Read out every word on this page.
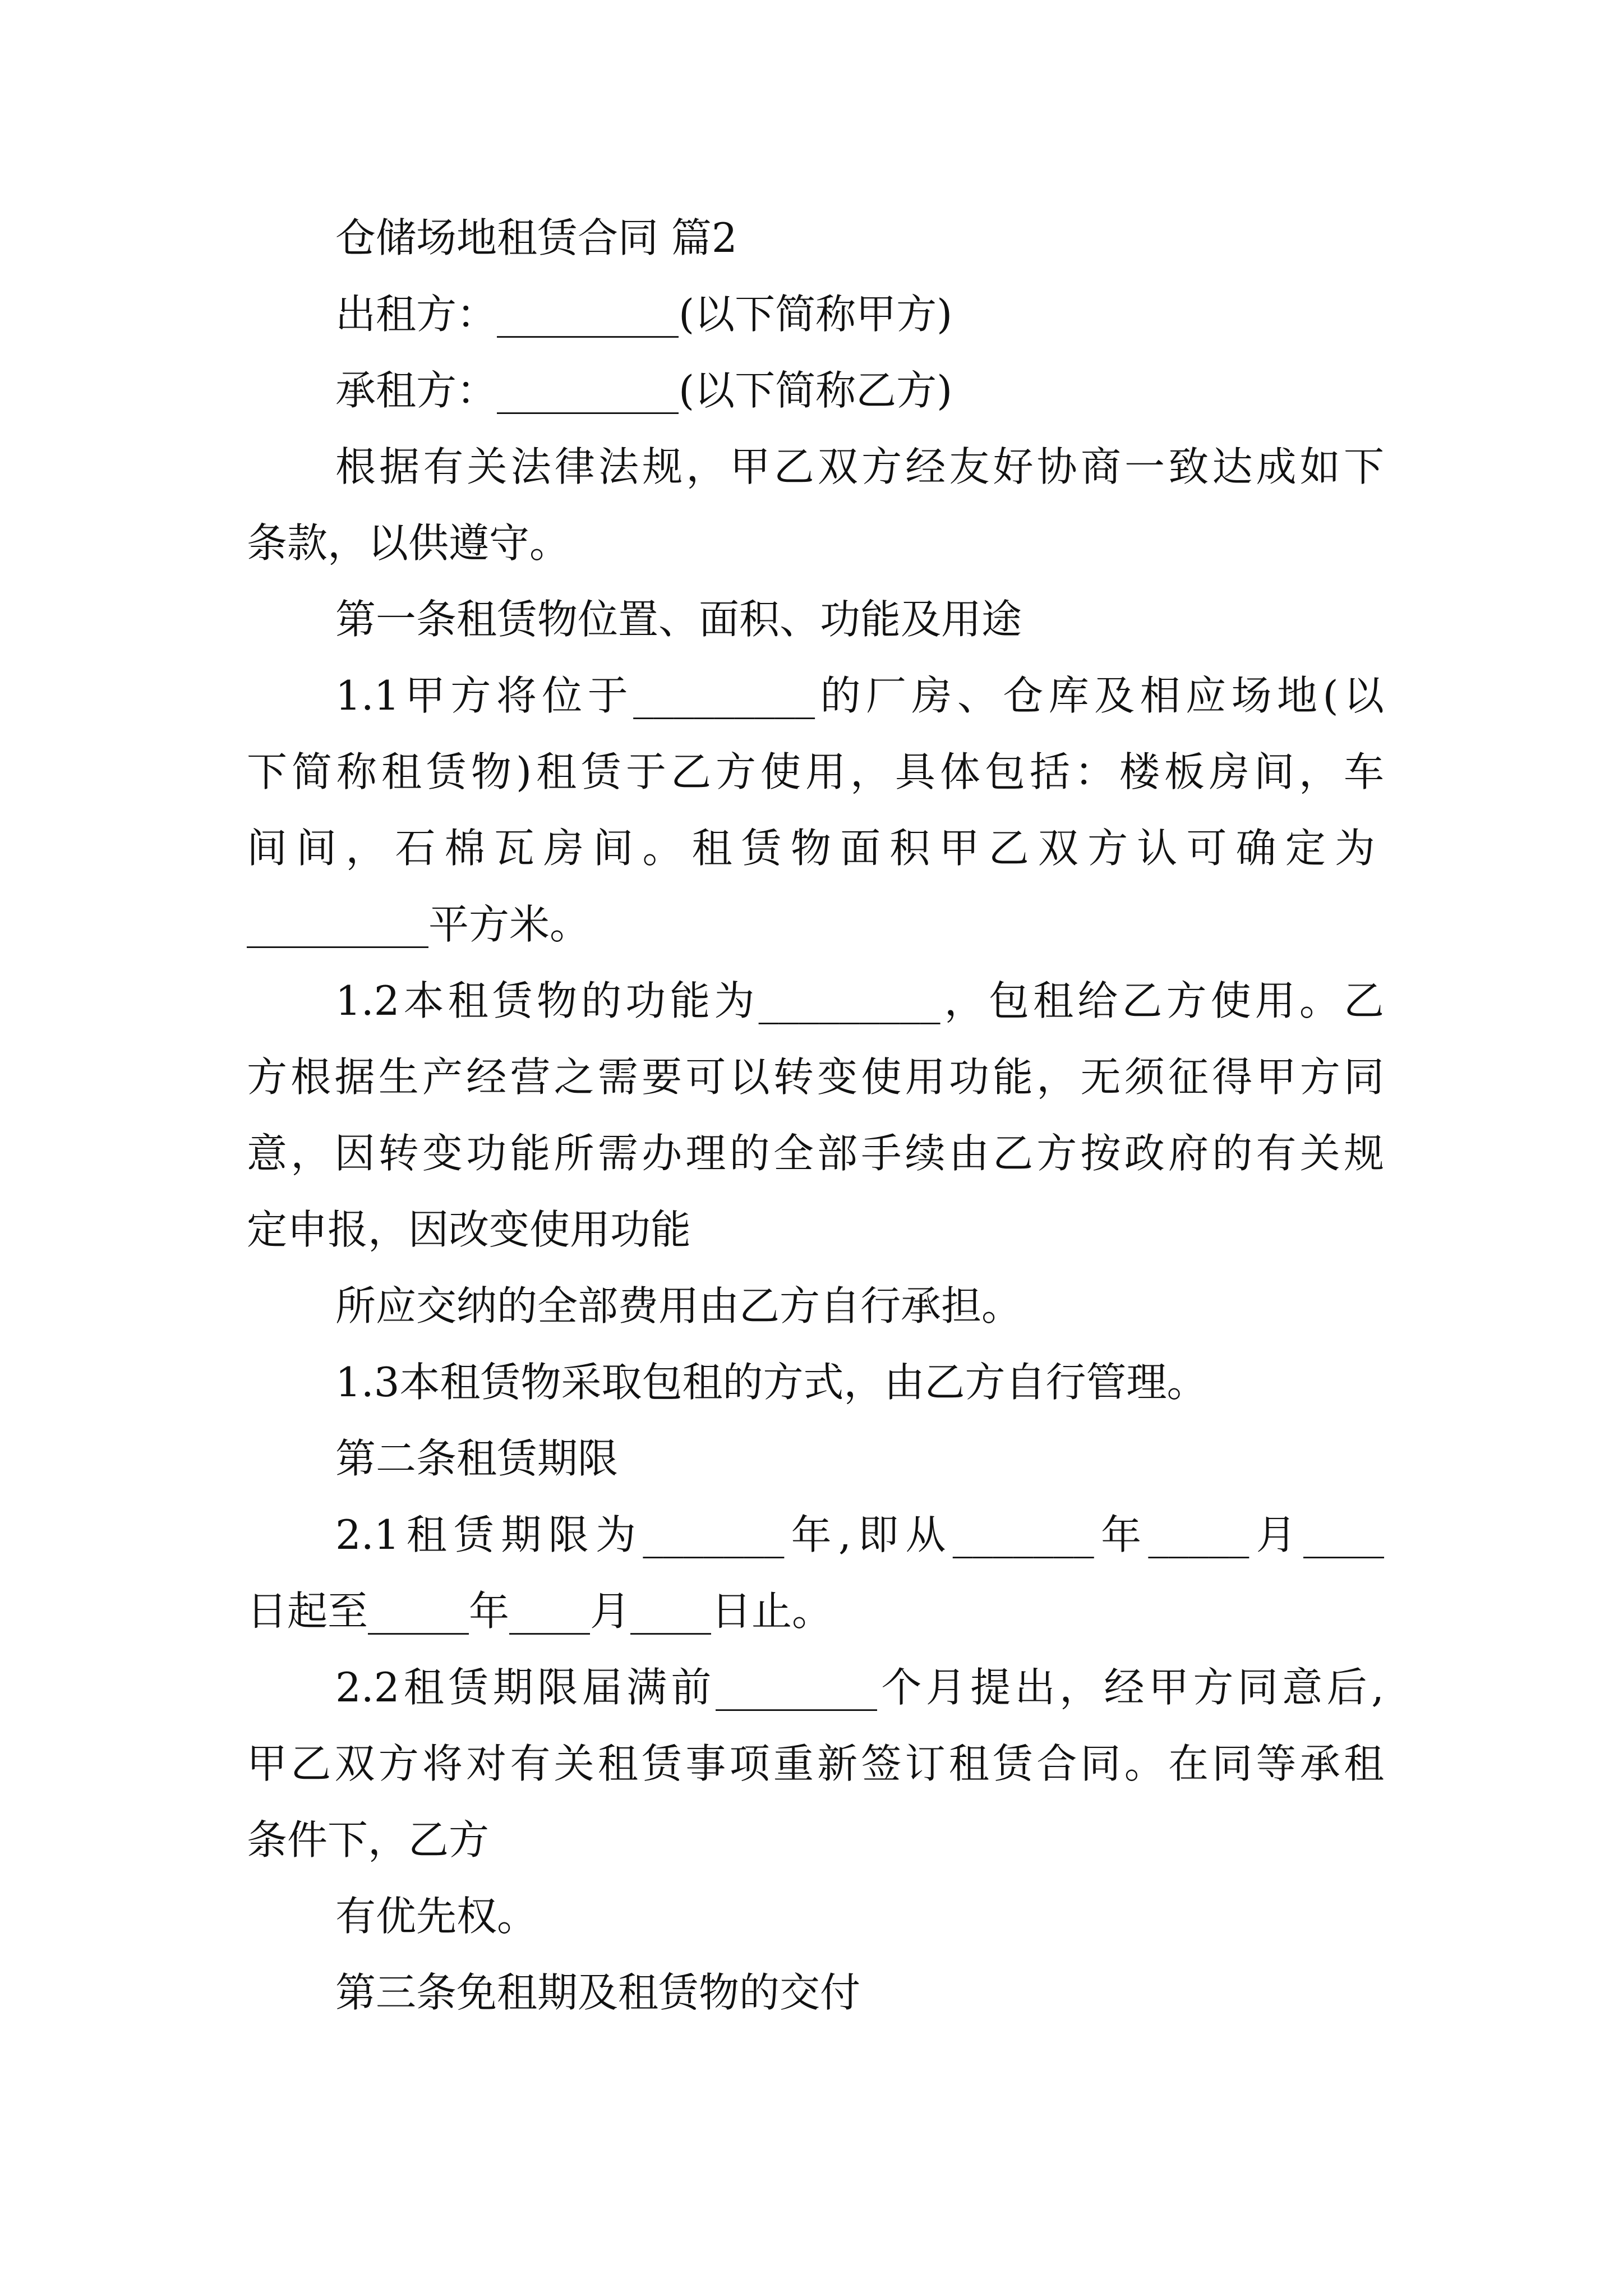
仓储场地租赁合同 篇2
出租方：_________(以下简称甲方)
承租方：_________(以下简称乙方)
根据有关法律法规，甲乙双方经友好协商一致达成如下
条款，以供遵守。
第一条租赁物位置、面积、功能及用途
1.1甲方将位于_________的厂房、仓库及相应场地(以
下简称租赁物)租赁于乙方使用，具体包括：楼板房间，车
间间，石棉瓦房间。租赁物面积甲乙双方认可确定为
_________平方米。
1.2本租赁物的功能为_________，包租给乙方使用。乙
方根据生产经营之需要可以转变使用功能，无须征得甲方同
意，因转变功能所需办理的全部手续由乙方按政府的有关规
定申报，因改变使用功能
所应交纳的全部费用由乙方自行承担。
1.3本租赁物采取包租的方式，由乙方自行管理。
第二条租赁期限
2.1租赁期限为_______年,即从_______年_____月____
日起至_____年____月____日止。
2.2租赁期限届满前________个月提出，经甲方同意后,
甲乙双方将对有关租赁事项重新签订租赁合同。在同等承租
条件下，乙方
有优先权。
第三条免租期及租赁物的交付
